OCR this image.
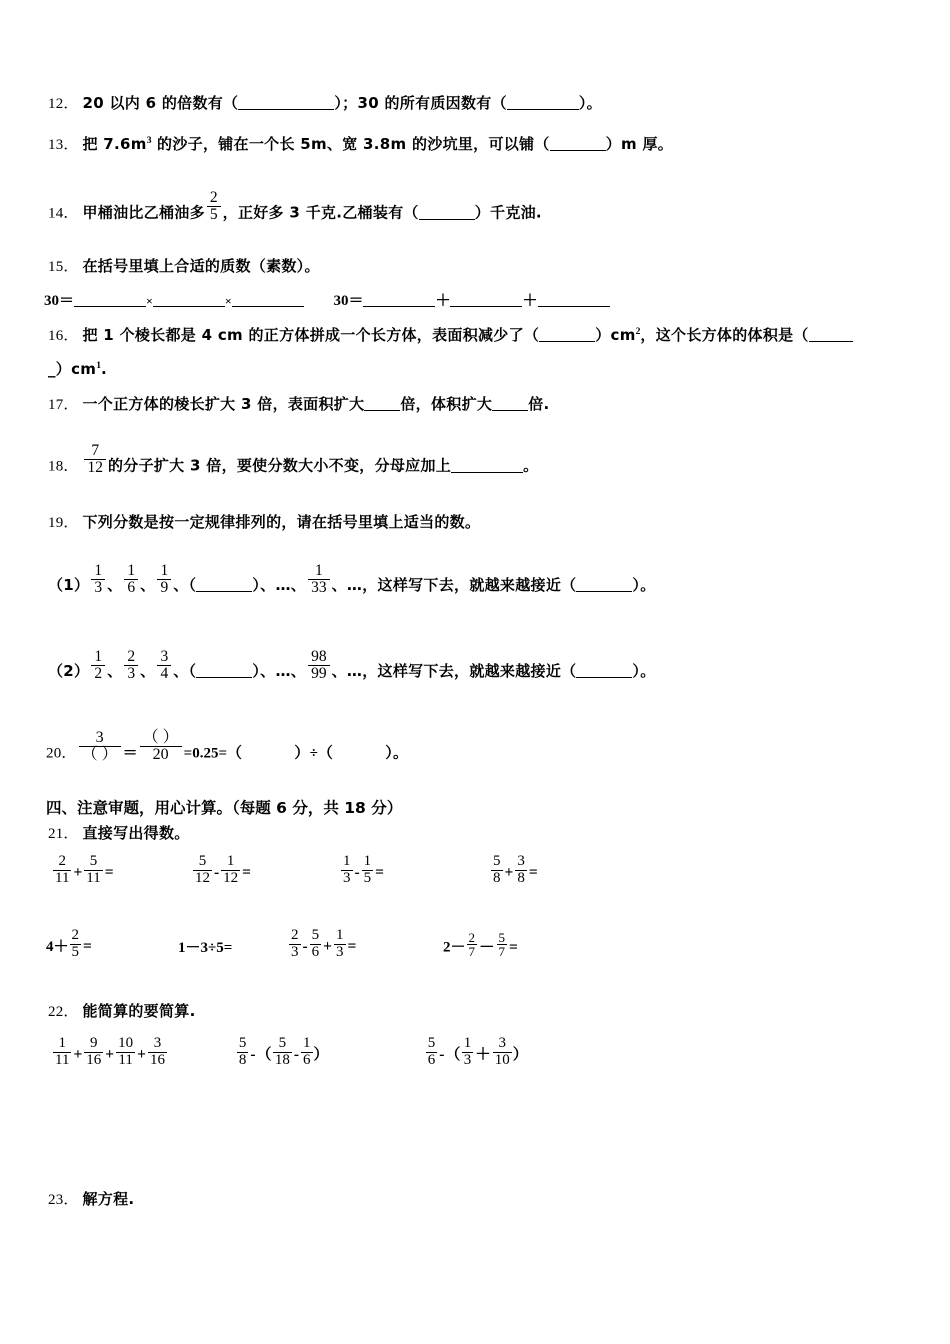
12． 20 以内 6 的倍数有（	）；30 的所有质因数有（	）。
13． 把 $7.6m^3$ 的沙子，铺在一个长 5m、宽 3.8m 的沙坑里，可以铺（	）m 厚。
14． 甲桶油比乙桶油多 $\frac{2}{5}$ ，正好多 3 千克.乙桶装有（	）千克油.
15． 在括号里填上合适的质数（素数）。
30＝	×	×	30＝	＋	＋
16． 把 1 个棱长都是 4 cm 的正方体拼成一个长方体，表面积减少了（	）$cm^2$，这个长方体的体积是（
$\_)cm^1$.
17． 一个正方体的棱长扩大 3 倍，表面积扩大 倍，体积扩大 倍.
18． $\frac{7}{12}$ 的分子扩大 3 倍，要使分数大小不变，分母应加上	。
19． 下列分数是按一定规律排列的，请在括号里填上适当的数。
$(1) \frac{1}{3}$ 、 $\frac{1}{6}$ 、 $\frac{1}{9}$ 、（	）、…、 $\frac{1}{33}$ 、…，这样写下去，就越来越接近（	）。
$(2) \frac{1}{2}$ 、 $\frac{2}{3}$ 、 $\frac{3}{4}$ 、（	）、…、 $\frac{98}{99}$ 、…，这样写下去，就越来越接近（	）。
20． $\frac{3}{( )} = \frac{( )}{20} =0.25=$（	）÷（	）。
四、注意审题，用心计算。（每题 6 分，共 18 分）
21． 直接写出得数。
$\frac{2}{11} + \frac{5}{11}$ =	$\frac{5}{12} - \frac{1}{12}$ =	$\frac{1}{3} - \frac{1}{5}$ =	$\frac{5}{8} + \frac{3}{8}$ =
$4+ \frac{2}{5}$ =	1－3÷5=	$\frac{2}{3} - \frac{5}{6} + \frac{1}{3}$ =	$2- \frac{2}{7} - \frac{5}{7}$ =
22． 能简算的要简算.
$\frac{1}{11} + \frac{9}{16} + \frac{10}{11} + \frac{3}{16}$
	$\frac{5}{8}$ -（ $\frac{5}{18} - \frac{1}{6}$ ）	$\frac{5}{6}$ -（ $\frac{1}{3} + \frac{3}{10}$ ）
23． 解方程.
